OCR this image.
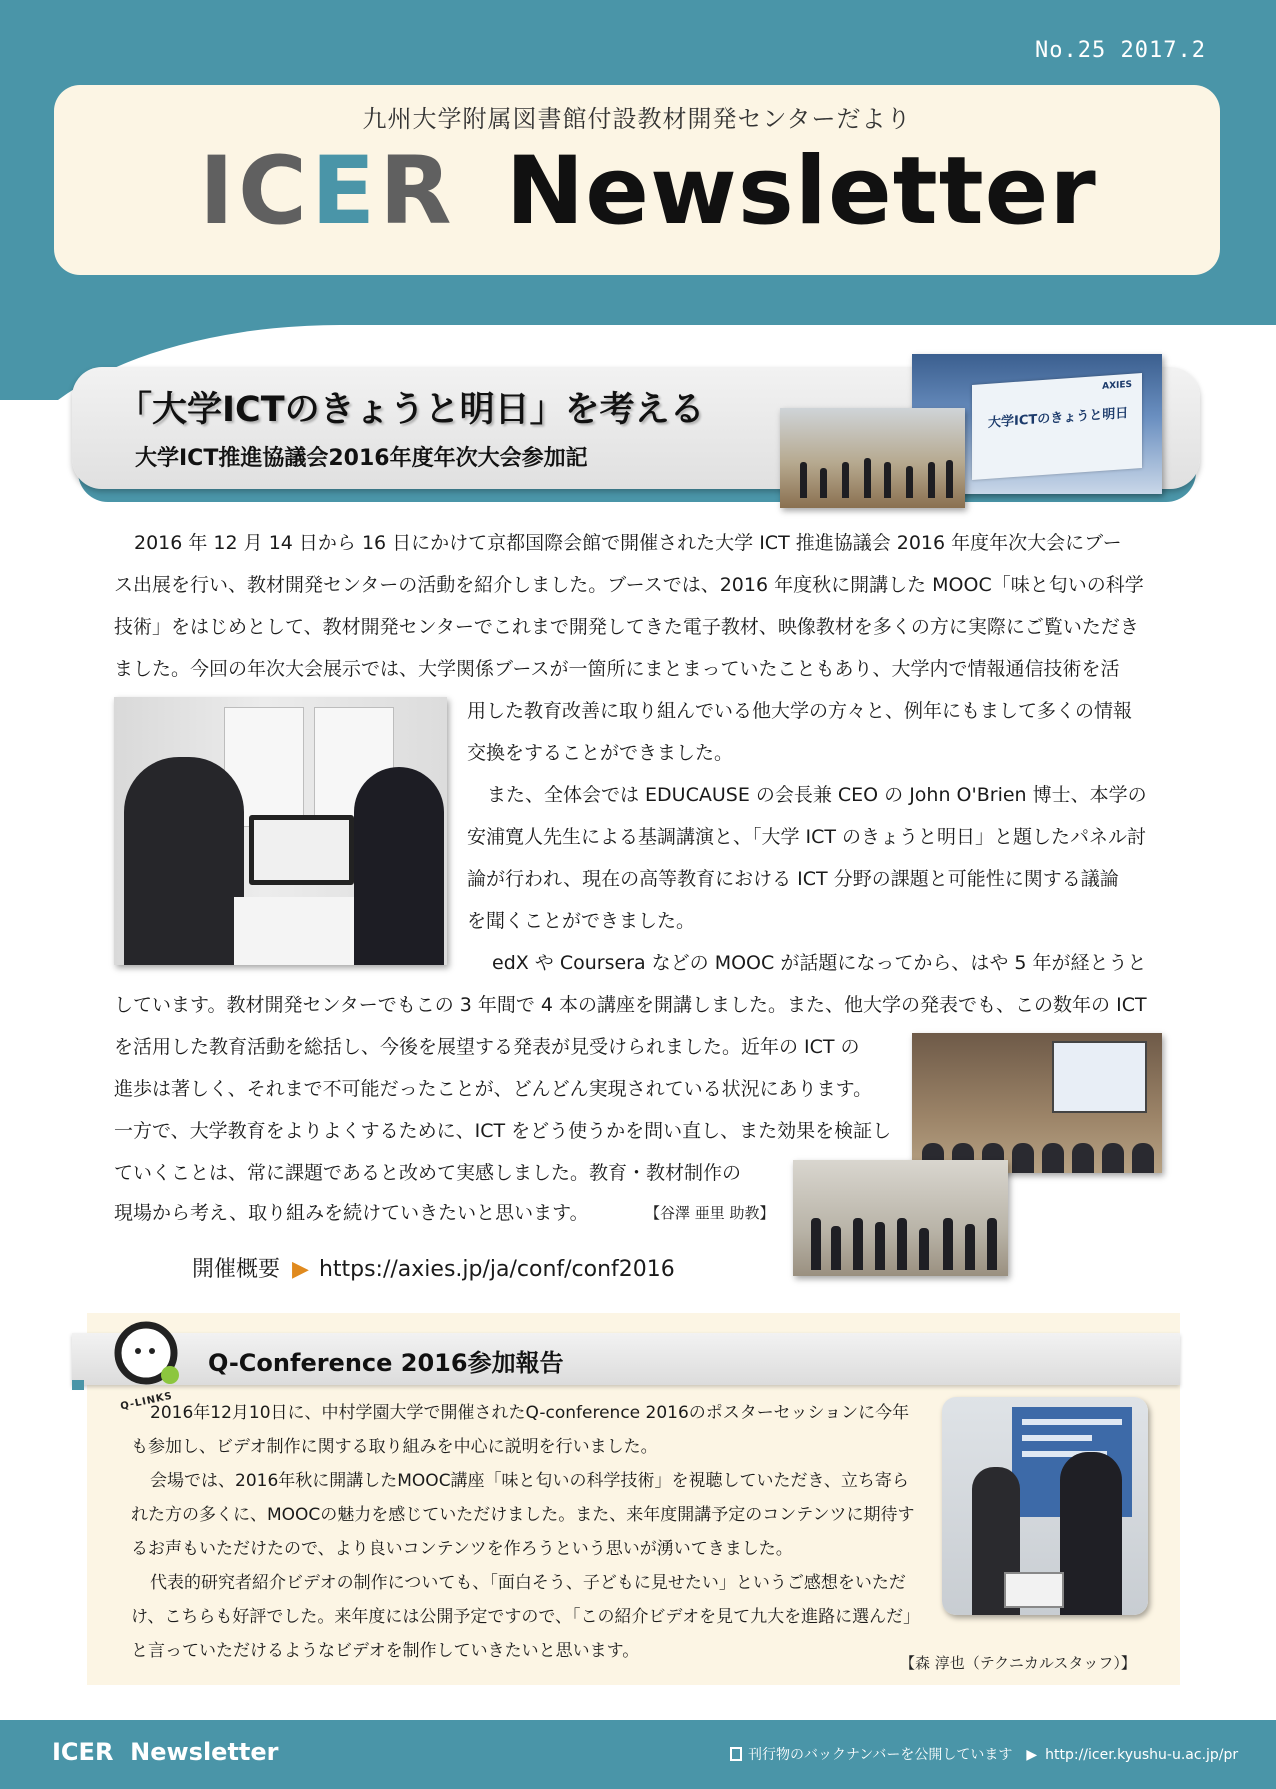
No.25 2017.2
九州大学附属図書館付設教材開発センターだより
ICER Newsletter
「大学ICTのきょうと明日」を考える
大学ICT推進協議会2016年度年次大会参加記
AXIES
大学ICTのきょうと明日
2016 年 12 月 14 日から 16 日にかけて京都国際会館で開催された大学 ICT 推進協議会 2016 年度年次大会にブー
ス出展を行い、教材開発センターの活動を紹介しました。ブースでは、2016 年度秋に開講した MOOC「味と匂いの科学
技術」をはじめとして、教材開発センターでこれまで開発してきた電子教材、映像教材を多くの方に実際にご覧いただき
ました。今回の年次大会展示では、大学関係ブースが一箇所にまとまっていたこともあり、大学内で情報通信技術を活
用した教育改善に取り組んでいる他大学の方々と、例年にもまして多くの情報
交換をすることができました。
また、全体会では EDUCAUSE の会長兼 CEO の John O'Brien 博士、本学の
安浦寛人先生による基調講演と、「大学 ICT のきょうと明日」と題したパネル討
論が行われ、現在の高等教育における ICT 分野の課題と可能性に関する議論
を聞くことができました。
edX や Coursera などの MOOC が話題になってから、はや 5 年が経とうと
しています。教材開発センターでもこの 3 年間で 4 本の講座を開講しました。また、他大学の発表でも、この数年の ICT
を活用した教育活動を総括し、今後を展望する発表が見受けられました。近年の ICT の
進歩は著しく、それまで不可能だったことが、どんどん実現されている状況にあります。
一方で、大学教育をよりよくするために、ICT をどう使うかを問い直し、また効果を検証し
ていくことは、常に課題であると改めて実感しました。教育・教材制作の
現場から考え、取り組みを続けていきたいと思います。	【谷澤 亜里 助教】
開催概要 ▶ https://axies.jp/ja/conf/conf2016
Q-LINKS
Q-Conference 2016参加報告
2016年12月10日に、中村学園大学で開催されたQ-conference 2016のポスターセッションに今年
も参加し、ビデオ制作に関する取り組みを中心に説明を行いました。
会場では、2016年秋に開講したMOOC講座「味と匂いの科学技術」を視聴していただき、立ち寄ら
れた方の多くに、MOOCの魅力を感じていただけました。また、来年度開講予定のコンテンツに期待す
るお声もいただけたので、より良いコンテンツを作ろうという思いが湧いてきました。
代表的研究者紹介ビデオの制作についても、「面白そう、子どもに見せたい」というご感想をいただ
け、こちらも好評でした。来年度には公開予定ですので、「この紹介ビデオを見て九大を進路に選んだ」
と言っていただけるようなビデオを制作していきたいと思います。
【森 淳也（テクニカルスタッフ）】
ICER  Newsletter	刊行物のバックナンバーを公開しています ▶ http://icer.kyushu-u.ac.jp/pr
